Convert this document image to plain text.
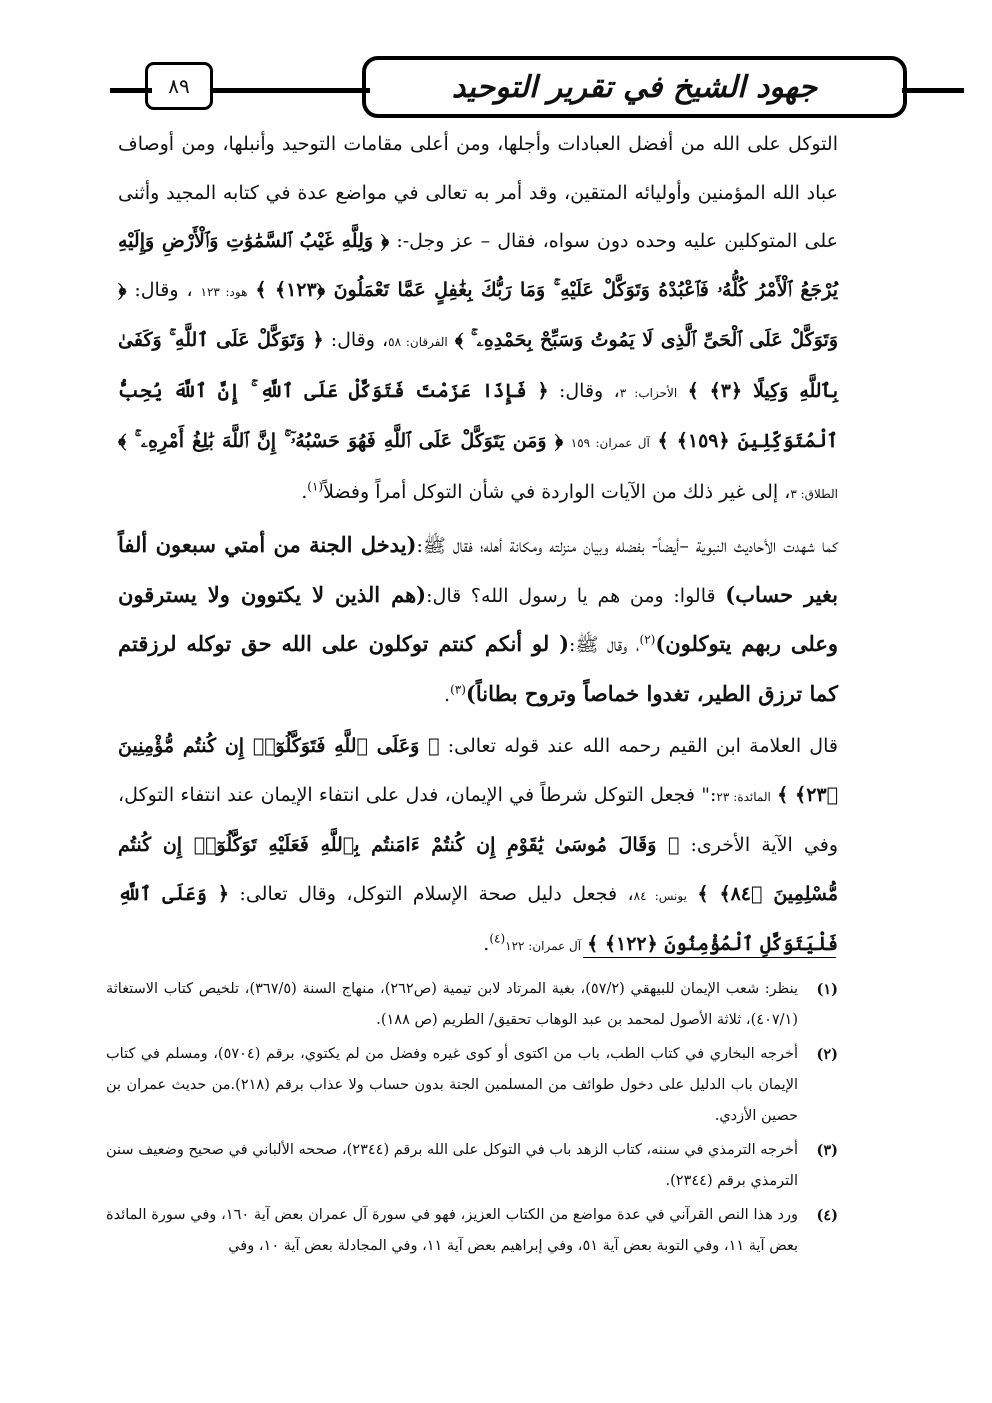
٨٩	جهود الشيخ في تقرير التوحيد

التوكل على الله من أفضل العبادات وأجلها، ومن أعلى مقامات التوحيد وأنبلها، ومن أوصاف عباد الله المؤمنين وأوليائه المتقين، وقد أمر به تعالى في مواضع عدة في كتابه المجيد وأثنى على المتوكلين عليه وحده دون سواه، فقال – عز وجل-: ﴿ وَلِلَّهِ غَيْبُ ٱلسَّمَٰوَٰتِ وَٱلْأَرْضِ وَإِلَيْهِ يُرْجَعُ ٱلْأَمْرُ كُلُّهُۥ فَٱعْبُدْهُ وَتَوَكَّلْ عَلَيْهِ ۚ وَمَا رَبُّكَ بِغَٰفِلٍ عَمَّا تَعْمَلُونَ ﴿١٢٣﴾ ﴾ هود: ١٢٣ ، وقال: ﴿ وَتَوَكَّلْ عَلَى ٱلْحَىِّ ٱلَّذِى لَا يَمُوتُ وَسَبِّحْ بِحَمْدِهِۦ ۚ ﴾ الفرقان: ٥٨، وقال: ﴿ وَتَوَكَّلْ عَلَى ٱللَّهِ ۚ وَكَفَىٰ بِٱللَّهِ وَكِيلًا ﴿٣﴾ ﴾ الأحزاب: ٣، وقال: ﴿ فَإِذَا عَزَمْتَ فَتَوَكَّلْ عَلَى ٱللَّهِ ۚ إِنَّ ٱللَّهَ يُحِبُّ ٱلْمُتَوَكِّلِينَ ﴿١٥٩﴾ ﴾ آل عمران: ١٥٩ ﴿ وَمَن يَتَوَكَّلْ عَلَى ٱللَّهِ فَهُوَ حَسْبُهُۥٓ ۚ إِنَّ ٱللَّهَ بَٰلِغُ أَمْرِهِۦ ۚ ﴾ الطلاق: ٣، إلى غير ذلك من الآيات الواردة في شأن التوكل أمراً وفضلاً$^{(١)}$.

كما شهدت الأحاديث النبوية –أيضاً- بفضله وبيان منزلته ومكانة أهله؛ فقال ﷺ:(يدخل الجنة من أمتي سبعون ألفاً بغير حساب) قالوا: ومن هم يا رسول الله؟ قال:(هم الذين لا يكتوون ولا يسترقون وعلى ربهم يتوكلون)$^{(٢)}$، وقال ﷺ:( لو أنكم كنتم توكلون على الله حق توكله لرزقتم كما ترزق الطير، تغدوا خماصاً وتروح بطاناً)$^{(٣)}$.

قال العلامة ابن القيم رحمه الله عند قوله تعالى: ﴿ وَعَلَى ٱللَّهِ فَتَوَكَّلُوٓا۟ إِن كُنتُم مُّؤْمِنِينَ ﴿٢٣﴾ ﴾ المائدة: ٢٣:" فجعل التوكل شرطاً في الإيمان، فدل على انتفاء الإيمان عند انتفاء التوكل، وفي الآية الأخرى: ﴿ وَقَالَ مُوسَىٰ يَٰقَوْمِ إِن كُنتُمْ ءَامَنتُم بِٱللَّهِ فَعَلَيْهِ تَوَكَّلُوٓا۟ إِن كُنتُم مُّسْلِمِينَ ﴿٨٤﴾ ﴾ يونس: ٨٤، فجعل دليل صحة الإسلام التوكل، وقال تعالى: ﴿ وَعَلَى ٱللَّهِ فَلْيَتَوَكَّلِ ٱلْمُؤْمِنُونَ ﴿١٢٢﴾ ﴾ آل عمران: ١٢٢$^{(٤)}$.

(١)
ينظر: شعب الإيمان للبيهقي (٥٧/٢)، بغية المرتاد لابن تيمية (ص٢٦٢)، منهاج السنة (٣٦٧/٥)، تلخيص كتاب الاستغاثة (٤٠٧/١)، ثلاثة الأصول لمحمد بن عبد الوهاب تحقيق/ الطريم (ص ١٨٨).
(٢)
أخرجه البخاري في كتاب الطب، باب من اكتوى أو كوى غيره وفضل من لم يكتوي، برقم (٥٧٠٤)، ومسلم في كتاب الإيمان باب الدليل على دخول طوائف من المسلمين الجنة بدون حساب ولا عذاب برقم (٢١٨).من حديث عمران بن حصين الأزدي.
(٣)
أخرجه الترمذي في سننه، كتاب الزهد باب في التوكل على الله برقم (٢٣٤٤)، صححه الألباني في صحيح وضعيف سنن الترمذي برقم (٢٣٤٤).
(٤)
ورد هذا النص القرآني في عدة مواضع من الكتاب العزيز، فهو في سورة آل عمران بعض آية ١٦٠، وفي سورة المائدة بعض آية ١١، وفي التوبة بعض آية ٥١، وفي إبراهيم بعض آية ١١، وفي المجادلة بعض آية ١٠، وفي
